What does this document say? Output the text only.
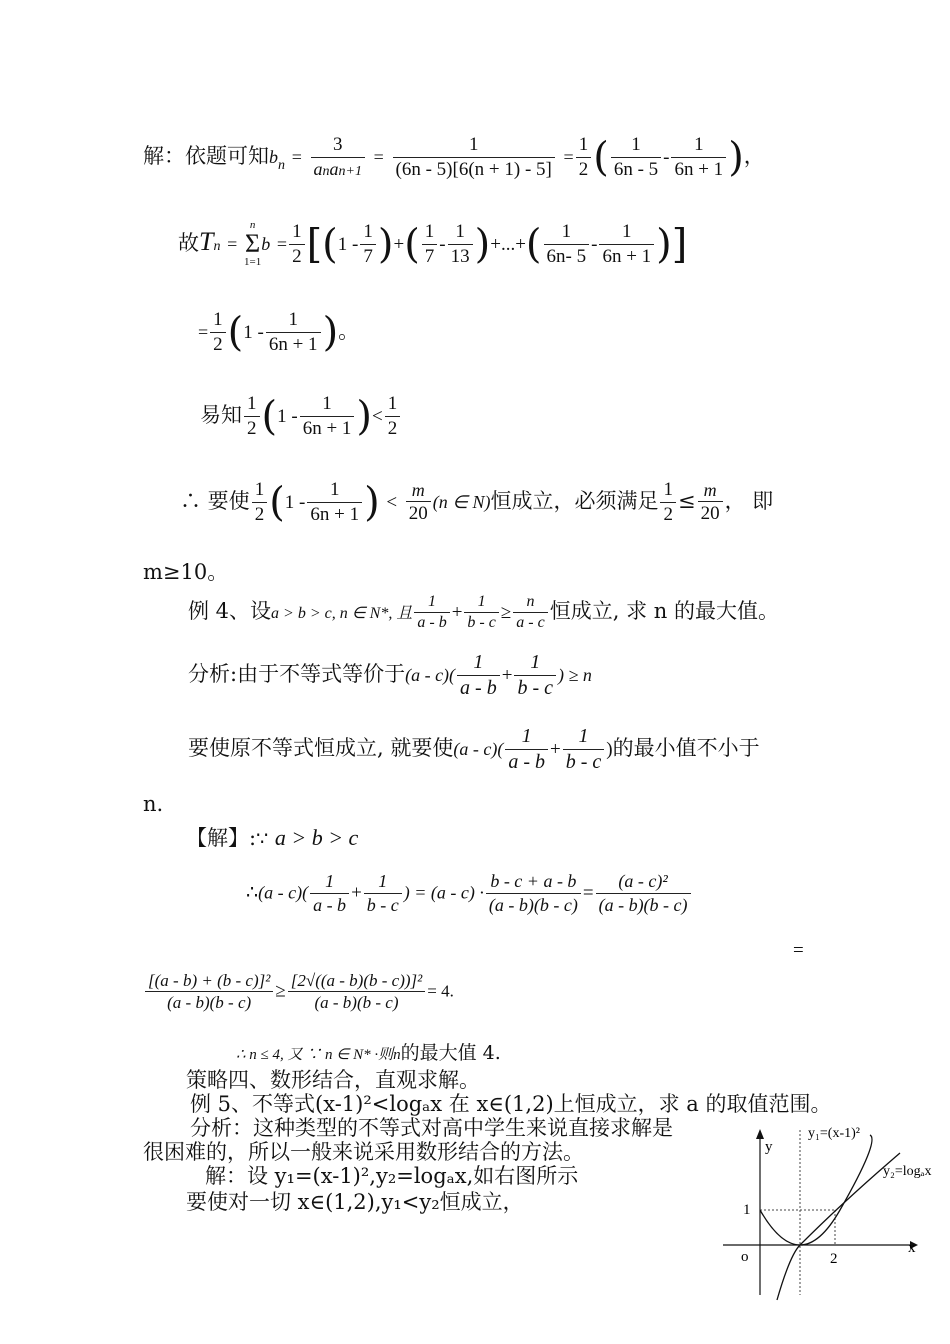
解：依题可知$b_n = \frac{3}{\text{anan+1}} = \frac{1}{(6n - 5)[6(n + 1) - 5]} = \frac{1}{2}$ ( $\frac{1}{6n - 5} - \frac{1}{6n + 1}$ )，
故Tn =
n
Σ
1=1
$b = \frac{1}{2} [(1 - \frac{1}{7}$ )+( $\frac{1}{7} - \frac{1}{13}$ )+...+( $\frac{1}{6n- 5} - \frac{1}{6n + 1}$ )]
= $\frac{1}{2} (1 - \frac{1}{6n + 1}$ )。
易知 $\frac{1}{2} (1 - \frac{1}{6n + 1}$ )< $\frac{1}{2}$
∴ 要使 $\frac{1}{2} (1 - \frac{1}{6n + 1}$ ) < $\frac{m}{20} (n$ ∈ N)恒成立，必须满足 $\frac{1}{2} \le \frac{m}{20}$ ， 即
m≥10。
例 4、设a > b > c, n ∈ N*, 且 $\frac{1}{a - b} + \frac{1}{b - c} \ge \frac{n}{a - c}$ 恒成立, 求 n 的最大值。
分析:由于不等式等价于$(a - c)( \frac{1}{a - b} + \frac{1}{b - c}$ ) ≥ n
要使原不等式恒成立, 就要使$(a - c)( \frac{1}{a - b} + \frac{1}{b - c}$ )的最小值不小于
n.
【解】:∵ a > b > c
∴(a - $c)( \frac{1}{a - b} + \frac{1}{b - c}$ ) = $(a - c) \cdot \frac{b - c + a - b}{(a - b)(b - c)} = \frac{\text{(a - c)²}}{(a - b)(b - c)}$
=
$\frac{\text{[(a - b) + (b - c)]²}}{(a - b)(b - c)} \ge \frac{\text{[2√((a - b)(b - c))]²}}{(a - b)(b - c)} = 4$.
∴ n ≤ 4, 又 ∵ n ∈ N* ·则n的最大值 4.
策略四、数形结合，直观求解。
例 5、不等式(x-1)²<logₐx 在 x∈(1,2)上恒成立，求 a 的取值范围。
分析：这种类型的不等式对高中学生来说直接求解是
很困难的，所以一般来说采用数形结合的方法。
解：设 y₁=(x-1)²,y₂=logₐx,如右图所示
要使对一切 x∈(1,2),y₁<y₂恒成立，
y
x
o
1
2
y₁=(x-1)²
y₂=logₐx
